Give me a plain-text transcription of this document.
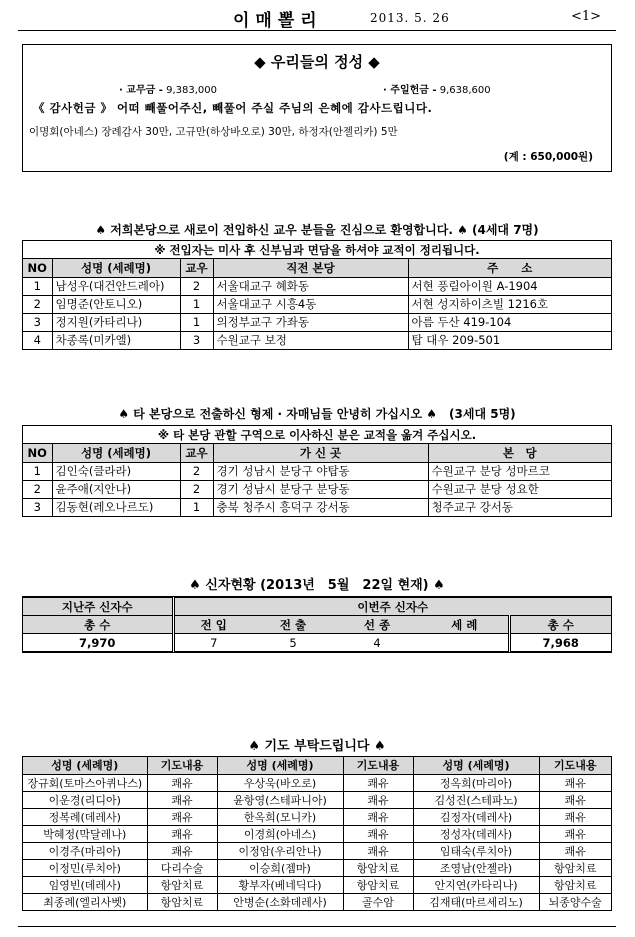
이매뽈리	2013. 5. 26	<1>
◆ 우리들의 정성 ◆
· 교무금 - 9,383,000	· 주일헌금 - 9,638,600
《 감사헌금 》 어떠 빼풀어주신, 빼풀어 주실 주님의 은혜에 감사드립니다.
이명회(아네스) 장례감사 30만, 고규만(하상바오로) 30만, 하정자(안젤리카) 5만
(계 : 650,000원)
♠ 저희본당으로 새로이 전입하신 교우 분들을 진심으로 환영합니다. ♠ (4세대 7명)
※ 전입자는 미사 후 신부님과 면담을 하셔야 교적이 정리됩니다.
NO	성명 (세례명)	교우	직전 본당	주　　소
1	남성우(대건안드레아)	2	서울대교구 혜화동	서현 풍림아이원 A-1904
2	임명준(안토니오)	1	서울대교구 시흥4동	서현 성지하이츠빌 1216호
3	정지원(카타리나)	1	의정부교구 가좌동	아름 두산 419-104
4	차종록(미카엘)	3	수원교구 보정	탑 대우 209-501
♠ 타 본당으로 전출하신 형제 · 자매님들 안녕히 가십시오 ♠　(3세대 5명)
※ 타 본당 관할 구역으로 이사하신 분은 교적을 옮겨 주십시오.
NO	성명 (세례명)	교우	가 신 곳	본　당
1	김인숙(클라라)	2	경기 성남시 분당구 야탑동	수원교구 분당 성마르코
2	윤주애(지안나)	2	경기 성남시 분당구 분당동	수원교구 분당 성요한
3	김동현(레오나르도)	1	충북 청주시 흥덕구 강서동	청주교구 강서동
♠ 신자현황 (2013년　5월　22일 현재) ♠
지난주 신자수	이번주 신자수				
총 수	전 입	전 출	선 종	세 례	총 수
7,970	7	5	4		7,968
♠ 기도 부탁드립니다 ♠
성명 (세례명)	기도내용	성명 (세례명)	기도내용	성명 (세례명)	기도내용
장규회(토마스아퀴나스)	쾌유	우상욱(바오로)	쾌유	정옥희(마리아)	쾌유
이운경(리디아)	쾌유	윤항영(스테파니아)	쾌유	김성진(스테파노)	쾌유
정복례(데레사)	쾌유	한옥희(모니카)	쾌유	김정자(데레사)	쾌유
박혜정(막달레나)	쾌유	이경희(아네스)	쾌유	정성자(데레사)	쾌유
이경주(마리아)	쾌유	이정암(우리안나)	쾌유	임태숙(루치아)	쾌유
이정민(루치아)	다리수술	이승희(젬마)	항암치료	조영남(안젤라)	항암치료
임영빈(데레사)	항암치료	황부자(베네딕다)	항암치료	안지연(카타리나)	항암치료
최종례(엘리사벳)	항암치료	안병순(소화데레사)	골수암	김재태(마르세리노)	뇌종양수술
